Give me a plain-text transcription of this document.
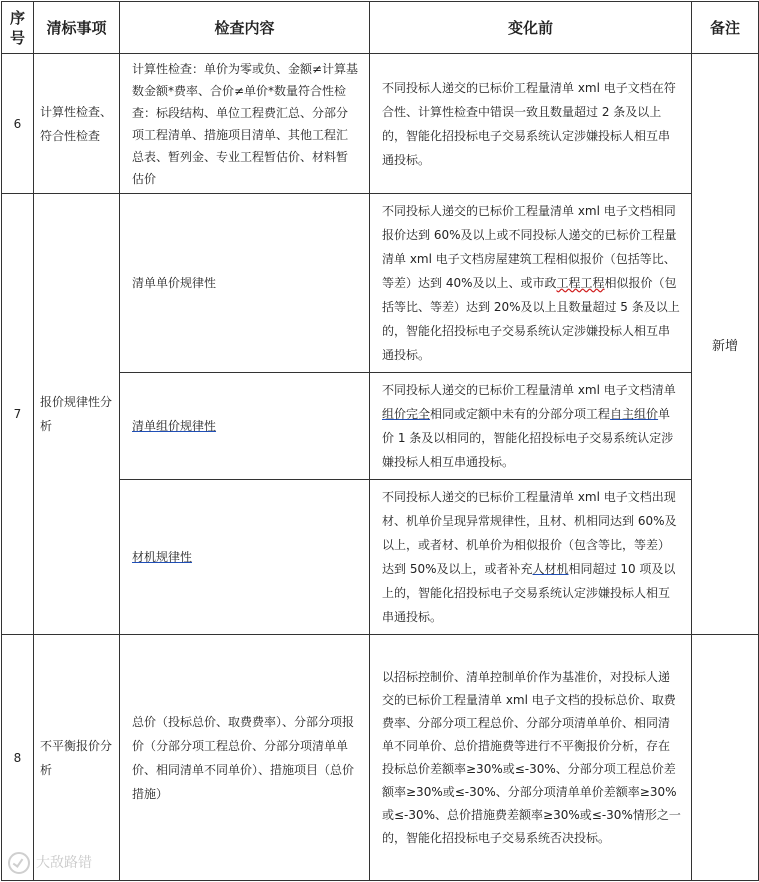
序号	清标事项	检查内容	变化前	备注
6	计算性检查、符合性检查	计算性检查：单价为零或负、金额≠计算基数金额*费率、合价≠单价*数量符合性检查：标段结构、单位工程费汇总、分部分项工程清单、措施项目清单、其他工程汇总表、暂列金、专业工程暂估价、材料暂估价	不同投标人递交的已标价工程量清单 xml 电子文档在符合性、计算性检查中错误一致且数量超过 2 条及以上的，智能化招投标电子交易系统认定涉嫌投标人相互串通投标。	新增
7	报价规律性分析	清单单价规律性	不同投标人递交的已标价工程量清单 xml 电子文档相同报价达到 60%及以上或不同投标人递交的已标价工程量清单 xml 电子文档房屋建筑工程相似报价（包括等比、等差）达到 40%及以上、或市政工程工程相似报价（包括等比、等差）达到 20%及以上且数量超过 5 条及以上的，智能化招投标电子交易系统认定涉嫌投标人相互串通投标。	
		清单组价规律性	不同投标人递交的已标价工程量清单 xml 电子文档清单组价完全相同或定额中未有的分部分项工程自主组价单价 1 条及以相同的，智能化招投标电子交易系统认定涉嫌投标人相互串通投标。	
		材机规律性	不同投标人递交的已标价工程量清单 xml 电子文档出现材、机单价呈现异常规律性，且材、机相同达到 60%及以上，或者材、机单价为相似报价（包含等比，等差）达到 50%及以上，或者补充人材机相同超过 10 项及以上的，智能化招投标电子交易系统认定涉嫌投标人相互串通投标。	
8	不平衡报价分析	总价（投标总价、取费费率）、分部分项报价（分部分项工程总价、分部分项清单单价、相同清单不同单价）、措施项目（总价措施）	以招标控制价、清单控制单价作为基准价，对投标人递交的已标价工程量清单 xml 电子文档的投标总价、取费费率、分部分项工程总价、分部分项清单单价、相同清单不同单价、总价措施费等进行不平衡报价分析，存在投标总价差额率≥30%或≤-30%、分部分项工程总价差额率≥30%或≤-30%、分部分项清单单价差额率≥30%或≤-30%、总价措施费差额率≥30%或≤-30%情形之一的，智能化招投标电子交易系统否决投标。	
大敌路错
